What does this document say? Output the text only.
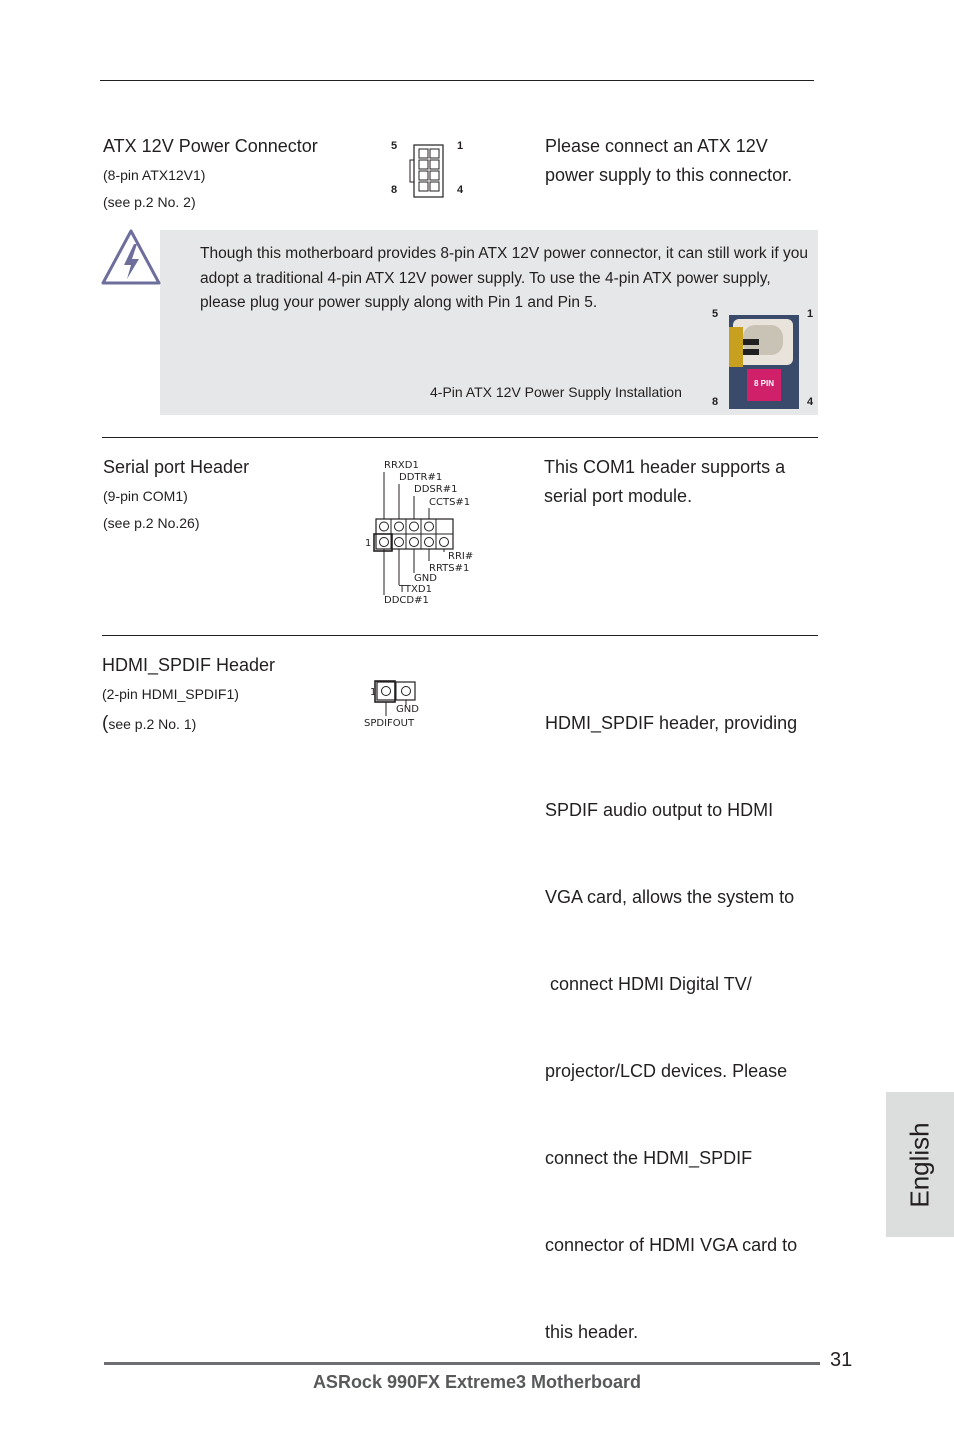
ATX 12V Power Connector
(8-pin ATX12V1)
(see p.2 No. 2)
5	1
8	4
Please connect an ATX 12V
power supply to this connector.
Though this motherboard provides 8-pin ATX 12V power connector, it can still work if you adopt a traditional 4-pin ATX 12V power supply. To use the 4-pin ATX power supply, please plug your power supply along with Pin 1 and Pin 5.
4-Pin ATX 12V Power Supply Installation
5	1
8	4
8 PIN
Serial port Header
(9-pin COM1)
(see p.2 No.26)
RRXD1
DDTR#1
DDSR#1
CCTS#1
RRI#
RRTS#1
GND
TTXD1
DDCD#1
1
This COM1 header supports a
serial port module.
HDMI_SPDIF Header
(2-pin HDMI_SPDIF1)
(see p.2 No. 1)
1
GND
SPDIFOUT

	HDMI_SPDIF header, providing

SPDIF audio output to HDMI

VGA card, allows the system to

connect HDMI Digital TV/

projector/LCD devices. Please

connect the HDMI_SPDIF

connector of HDMI VGA card to

this header.

English
31
ASRock 990FX Extreme3 Motherboard
